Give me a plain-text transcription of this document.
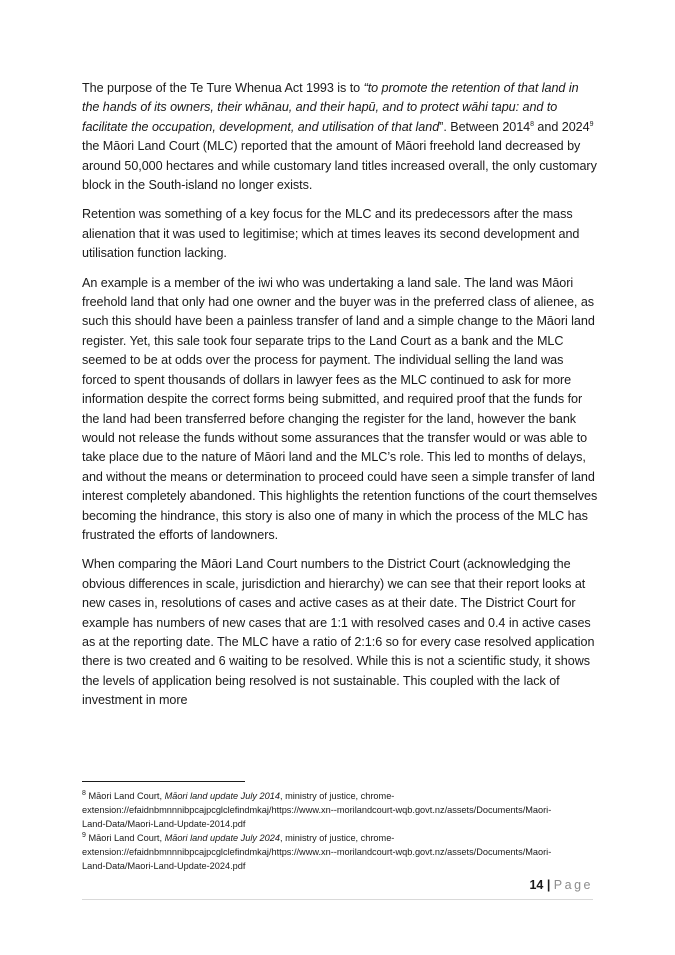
The purpose of the Te Ture Whenua Act 1993 is to “to promote the retention of that land in the hands of its owners, their whānau, and their hapū, and to protect wāhi tapu: and to facilitate the occupation, development, and utilisation of that land”. Between 2014$^8$ and 2024$^9$ the Māori Land Court (MLC) reported that the amount of Māori freehold land decreased by around 50,000 hectares and while customary land titles increased overall, the only customary block in the South-island no longer exists.

Retention was something of a key focus for the MLC and its predecessors after the mass alienation that it was used to legitimise; which at times leaves its second development and utilisation function lacking.

An example is a member of the iwi who was undertaking a land sale. The land was Māori freehold land that only had one owner and the buyer was in the preferred class of alienee, as such this should have been a painless transfer of land and a simple change to the Māori land register. Yet, this sale took four separate trips to the Land Court as a bank and the MLC seemed to be at odds over the process for payment. The individual selling the land was forced to spent thousands of dollars in lawyer fees as the MLC continued to ask for more information despite the correct forms being submitted, and required proof that the funds for the land had been transferred before changing the register for the land, however the bank would not release the funds without some assurances that the transfer would or was able to take place due to the nature of Māori land and the MLC’s role. This led to months of delays, and without the means or determination to proceed could have seen a simple transfer of land interest completely abandoned. This highlights the retention functions of the court themselves becoming the hindrance, this story is also one of many in which the process of the MLC has frustrated the efforts of landowners.

When comparing the Māori Land Court numbers to the District Court (acknowledging the obvious differences in scale, jurisdiction and hierarchy) we can see that their report looks at new cases in, resolutions of cases and active cases as at their date. The District Court for example has numbers of new cases that are 1:1 with resolved cases and 0.4 in active cases as at the reporting date. The MLC have a ratio of 2:1:6 so for every case resolved application there is two created and 6 waiting to be resolved. While this is not a scientific study, it shows the levels of application being resolved is not sustainable. This coupled with the lack of investment in more

$^8$ Māori Land Court, Māori land update July 2014, ministry of justice, chrome-extension://efaidnbmnnnibpcajpcglclefindmkaj/https://www.xn--morilandcourt-wqb.govt.nz/assets/Documents/Maori-Land-Data/Maori-Land-Update-2014.pdf

$^9$ Māori Land Court, Māori land update July 2024, ministry of justice, chrome-extension://efaidnbmnnnibpcajpcglclefindmkaj/https://www.xn--morilandcourt-wqb.govt.nz/assets/Documents/Maori-Land-Data/Maori-Land-Update-2024.pdf

14 | Page
